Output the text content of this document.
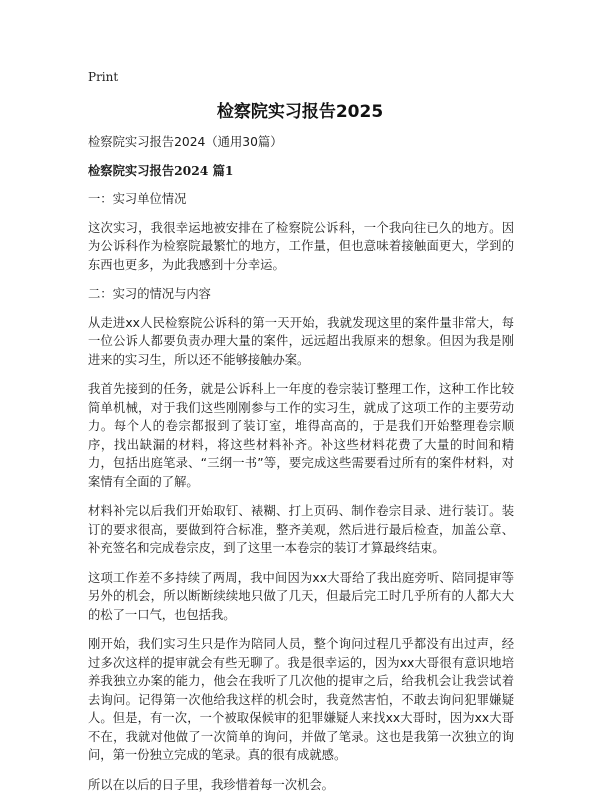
Print
检察院实习报告2025

检察院实习报告2024（通用30篇）

检察院实习报告2024 篇1

一：实习单位情况

这次实习，我很幸运地被安排在了检察院公诉科，一个我向往已久的地方。因为公诉科作为检察院最繁忙的地方，工作量，但也意味着接触面更大，学到的东西也更多，为此我感到十分幸运。

二：实习的情况与内容

从走进xx人民检察院公诉科的第一天开始，我就发现这里的案件量非常大，每一位公诉人都要负责办理大量的案件，远远超出我原来的想象。但因为我是刚进来的实习生，所以还不能够接触办案。

我首先接到的任务，就是公诉科上一年度的卷宗装订整理工作，这种工作比较简单机械，对于我们这些刚刚参与工作的实习生，就成了这项工作的主要劳动力。每个人的卷宗都报到了装订室，堆得高高的，于是我们开始整理卷宗顺序，找出缺漏的材料，将这些材料补齐。补这些材料花费了大量的时间和精力，包括出庭笔录、“三纲一书”等，要完成这些需要看过所有的案件材料，对案情有全面的了解。

材料补完以后我们开始取钉、裱糊、打上页码、制作卷宗目录、进行装订。装订的要求很高，要做到符合标准，整齐美观，然后进行最后检查，加盖公章、补充签名和完成卷宗皮，到了这里一本卷宗的装订才算最终结束。

这项工作差不多持续了两周，我中间因为xx大哥给了我出庭旁听、陪同提审等另外的机会，所以断断续续地只做了几天，但最后完工时几乎所有的人都大大的松了一口气，也包括我。

刚开始，我们实习生只是作为陪同人员，整个询问过程几乎都没有出过声，经过多次这样的提审就会有些无聊了。我是很幸运的，因为xx大哥很有意识地培养我独立办案的能力，他会在我听了几次他的提审之后，给我机会让我尝试着去询问。记得第一次他给我这样的机会时，我竟然害怕，不敢去询问犯罪嫌疑人。但是，有一次，一个被取保候审的犯罪嫌疑人来找xx大哥时，因为xx大哥不在，我就对他做了一次简单的询问，并做了笔录。这也是我第一次独立的询问，第一份独立完成的笔录。真的很有成就感。

所以在以后的日子里，我珍惜着每一次机会。
